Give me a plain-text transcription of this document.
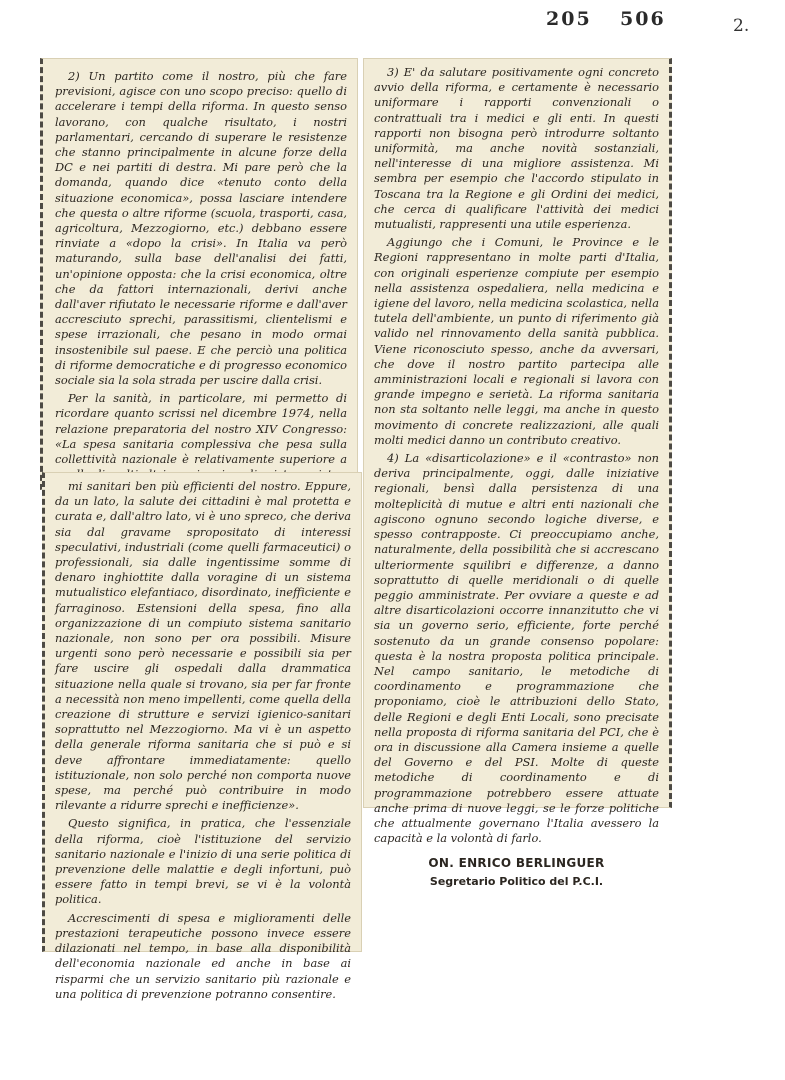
205 506	2.

2) Un partito come il nostro, più che fare previsioni, agisce con uno scopo preciso: quello di accelerare i tempi della riforma. In questo senso lavorano, con qualche risultato, i nostri parlamentari, cercando di superare le resistenze che stanno principalmente in alcune forze della DC e nei partiti di destra. Mi pare però che la domanda, quando dice «tenuto conto della situazione economica», possa lasciare intendere che questa o altre riforme (scuola, trasporti, casa, agricoltura, Mezzogiorno, etc.) debbano essere rinviate a «dopo la crisi». In Italia va però maturando, sulla base dell'analisi dei fatti, un'opinione opposta: che la crisi economica, oltre che da fattori internazionali, derivi anche dall'aver rifiutato le necessarie riforme e dall'aver accresciuto sprechi, parassitismi, clientelismi e spese irrazionali, che pesano in modo ormai insostenibile sul paese. E che perciò una politica di riforme democratiche e di progresso economico sociale sia la sola strada per uscire dalla crisi.

Per la sanità, in particolare, mi permetto di ricordare quanto scrissi nel dicembre 1974, nella relazione preparatoria del nostro XIV Congresso: «La spesa sanitaria complessiva che pesa sulla collettività nazionale è relativamente superiore a

3) E' da salutare positivamente ogni concreto avvio della riforma, e certamente è necessario uniformare i rapporti convenzionali o contrattuali tra i medici e gli enti. In questi rapporti non bisogna però introdurre soltanto uniformità, ma anche novità sostanziali, nell'interesse di una migliore assistenza. Mi sembra per esempio che l'accordo stipulato in Toscana tra la Regione e gli Ordini dei medici, che cerca di qualificare l'attività dei medici mutualisti, rappresenti una utile esperienza.

Aggiungo che i Comuni, le Province e le Regioni rappresentano in molte parti d'Italia, con originali esperienze compiute per esempio nella assistenza ospedaliera, nella medicina e igiene del lavoro, nella medicina scolastica, nella tutela dell'ambiente, un punto di riferimento già valido nel rinnovamento della sanità pubblica. Viene riconosciuto spesso, anche da avversari, che dove il nostro partito partecipa alle amministrazioni locali e regionali si lavora con grande impegno e serietà. La riforma sanitaria non sta soltanto nelle leggi, ma anche in questo movimento di concrete realizzazioni, alle quali molti medici danno un contributo creativo.

4) La «disarticolazione» e il «contrasto» non deriva principalmente, oggi, dalle iniziative regionali, bensì dalla persistenza di una molteplicità di mutue e altri enti nazionali che agiscono ognuno secondo logiche diverse, e spesso contrapposte. Ci preoccupiamo anche, naturalmente, della possibilità che si accrescano ulteriormente squilibri e differenze, a danno soprattutto di quelle meridionali o di quelle peggio amministrate. Per ovviare a queste e ad altre disarticolazioni occorre innanzitutto che vi sia un governo serio, efficiente, forte perché sostenuto da un grande consenso popolare: questa è la nostra proposta politica principale. Nel campo sanitario, le metodiche di coordinamento e programmazione che proponiamo, cioè le attribuzioni dello Stato, delle Regioni e degli Enti Locali, sono precisate nella proposta di riforma sanitaria del PCI, che è ora in discussione alla Camera insieme a quelle del Governo e del PSI. Molte di queste metodiche di coordinamento e di programmazione potrebbero essere attuate anche prima di nuove leggi, se le forze politiche che attualmente governano l'Italia avessero la capacità e la volontà di farlo.

ON. ENRICO BERLINGUER
Segretario Politico del P.C.I.

mi sanitari ben più efficienti del nostro. Eppure, da un lato, la salute dei cittadini è mal protetta e curata e, dall'altro lato, vi è uno spreco, che deriva sia dal gravame spropositato di interessi speculativi, industriali (come quelli farmaceutici) o professionali, sia dalle ingentissime somme di denaro inghiottite dalla voragine di un sistema mutualistico elefantiaco, disordinato, inefficiente e farraginoso. Estensioni della spesa, fino alla organizzazione di un compiuto sistema sanitario nazionale, non sono per ora possibili. Misure urgenti sono però necessarie e possibili sia per fare uscire gli ospedali dalla drammatica situazione nella quale si trovano, sia per far fronte a necessità non meno impellenti, come quella della creazione di strutture e servizi igienico-sanitari soprattutto nel Mezzogiorno. Ma vi è un aspetto della generale riforma sanitaria che si può e si deve affrontare immediatamente: quello istituzionale, non solo perché non comporta nuove spese, ma perché può contribuire in modo rilevante a ridurre sprechi e inefficienze».

Questo significa, in pratica, che l'essenziale della riforma, cioè l'istituzione del servizio sanitario nazionale e l'inizio di una serie politica di prevenzione delle malattie e degli infortuni, può essere fatto in tempi brevi, se vi è la volontà politica.

Accrescimenti di spesa e miglioramenti delle prestazioni terapeutiche possono invece essere dilazionati nel tempo, in base alla disponibilità dell'economia nazionale ed anche in base ai risparmi che un servizio sanitario più razionale e una politica di prevenzione potranno consentire.
